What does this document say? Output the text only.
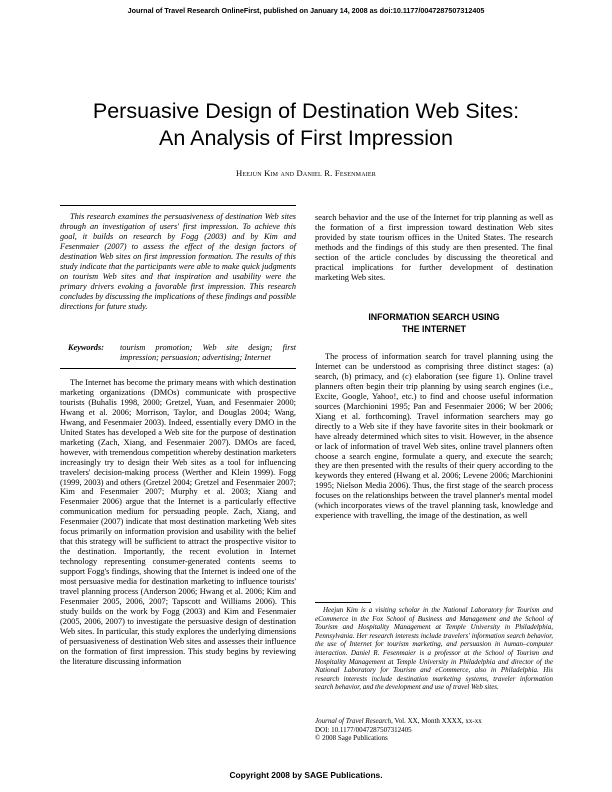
Journal of Travel Research OnlineFirst, published on January 14, 2008 as doi:10.1177/0047287507312405
Persuasive Design of Destination Web Sites:
An Analysis of First Impression
Heejun Kim and Daniel R. Fesenmaier

This research examines the persuasiveness of destination Web sites through an investigation of users' first impression. To achieve this goal, it builds on research by Fogg (2003) and by Kim and Fesenmaier (2007) to assess the effect of the design factors of destination Web sites on first impression formation. The results of this study indicate that the participants were able to make quick judgments on tourism Web sites and that inspiration and usability were the primary drivers evoking a favorable first impression. This research concludes by discussing the implications of these findings and possible directions for future study.

Keywords: tourism promotion; Web site design; first impression; persuasion; advertising; Internet

The Internet has become the primary means with which destination marketing organizations (DMOs) communicate with prospective tourists (Buhalis 1998, 2000; Gretzel, Yuan, and Fesenmaier 2000; Hwang et al. 2006; Morrison, Taylor, and Douglas 2004; Wang, Hwang, and Fesenmaier 2003). Indeed, essentially every DMO in the United States has developed a Web site for the purpose of destination marketing (Zach, Xiang, and Fesenmaier 2007). DMOs are faced, however, with tremendous competition whereby destination marketers increasingly try to design their Web sites as a tool for influencing travelers' decision-making process (Werther and Klein 1999). Fogg (1999, 2003) and others (Gretzel 2004; Gretzel and Fesenmaier 2007; Kim and Fesenmaier 2007; Murphy et al. 2003; Xiang and Fesenmaier 2006) argue that the Internet is a particularly effective communication medium for persuading people. Zach, Xiang, and Fesenmaier (2007) indicate that most destination marketing Web sites focus primarily on information provision and usability with the belief that this strategy will be sufficient to attract the prospective visitor to the destination. Importantly, the recent evolution in Internet technology representing consumer-generated contents seems to support Fogg's findings, showing that the Internet is indeed one of the most persuasive media for destination marketing to influence tourists' travel planning process (Anderson 2006; Hwang et al. 2006; Kim and Fesenmaier 2005, 2006, 2007; Tapscott and Williams 2006). This study builds on the work by Fogg (2003) and Kim and Fesenmaier (2005, 2006, 2007) to investigate the persuasive design of destination Web sites. In particular, this study explores the underlying dimensions of persuasiveness of destination Web sites and assesses their influence on the formation of first impression. This study begins by reviewing the literature discussing information

search behavior and the use of the Internet for trip planning as well as the formation of a first impression toward destination Web sites provided by state tourism offices in the United States. The research methods and the findings of this study are then presented. The final section of the article concludes by discussing the theoretical and practical implications for further development of destination marketing Web sites.

INFORMATION SEARCH USING
THE INTERNET

The process of information search for travel planning using the Internet can be understood as comprising three distinct stages: (a) search, (b) primacy, and (c) elaboration (see figure 1). Online travel planners often begin their trip planning by using search engines (i.e., Excite, Google, Yahoo!, etc.) to find and choose useful information sources (Marchionini 1995; Pan and Fesenmaier 2006; W ber 2006; Xiang et al. forthcoming). Travel information searchers may go directly to a Web site if they have favorite sites in their bookmark or have already determined which sites to visit. However, in the absence or lack of information of travel Web sites, online travel planners often choose a search engine, formulate a query, and execute the search; they are then presented with the results of their query according to the keywords they entered (Hwang et al. 2006; Levene 2006; Marchionini 1995; Nielson Media 2006). Thus, the first stage of the search process focuses on the relationships between the travel planner's mental model (which incorporates views of the travel planning task, knowledge and experience with travelling, the image of the destination, as well

Heejun Kim is a visiting scholar in the National Laboratory for Tourism and eCommerce in the Fox School of Business and Management and the School of Tourism and Hospitality Management at Temple University in Philadelphia, Pennsylvania. Her research interests include travelers' information search behavior, the use of Internet for tourism marketing, and persuasion in human–computer interaction. Daniel R. Fesenmaier is a professor at the School of Tourism and Hospitality Management at Temple University in Philadelphia and director of the National Laboratory for Tourism and eCommerce, also in Philadelphia. His research interests include destination marketing systems, traveler information search behavior, and the development and use of travel Web sites.

Journal of Travel Research, Vol. XX, Month XXXX, xx-xx
DOI: 10.1177/0047287507312405
© 2008 Sage Publications
Copyright 2008 by SAGE Publications.
